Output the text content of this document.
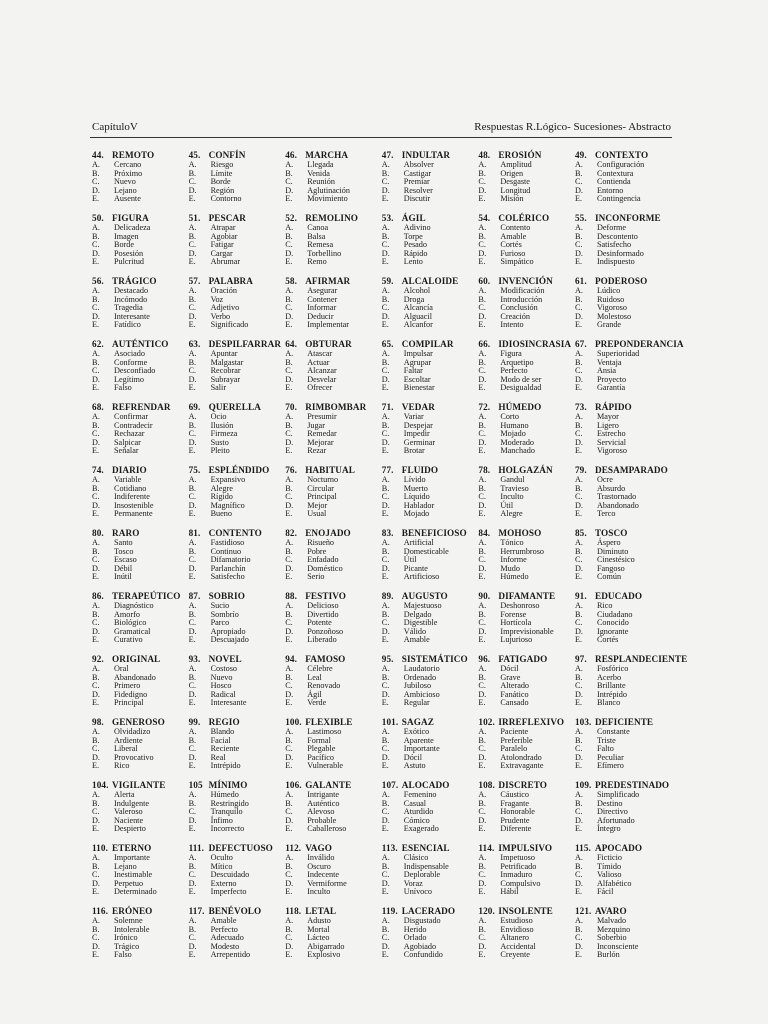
CapítuloV	Respuestas R.Lógico- Sucesiones- Abstracto
44. REMOTO
A. Cercano
B. Próximo
C. Nuevo
D. Lejano
E. Ausente
45. CONFÍN
A. Riesgo
B. Límite
C. Borde
D. Región
E. Contorno
46. MARCHA
A. Llegada
B. Venida
C. Reunión
D. Aglutinación
E. Movimiento
47. INDULTAR
A. Absolver
B. Castigar
C. Premiar
D. Resolver
E. Discutir
48. EROSIÓN
A. Amplitud
B. Origen
C. Desgaste
D. Longitud
E. Misión
49. CONTEXTO
A. Configuración
B. Contextura
C. Contienda
D. Entorno
E. Contingencia
50. FIGURA
A. Delicadeza
B. Imagen
C. Borde
D. Posesión
E. Pulcritud
51. PESCAR
A. Atrapar
B. Agobiar
C. Fatigar
D. Cargar
E. Abrumar
52. REMOLINO
A. Canoa
B. Balsa
C. Remesa
D. Torbellino
E. Remo
53. ÁGIL
A. Adivino
B. Torpe
C. Pesado
D. Rápido
E. Lento
54. COLÉRICO
A. Contento
B. Amable
C. Cortés
D. Furioso
E. Simpático
55. INCONFORME
A. Deforme
B. Descontento
C. Satisfecho
D. Desinformado
E. Indispuesto
56. TRÁGICO
A. Destacado
B. Incómodo
C. Tragedia
D. Interesante
E. Fatídico
57. PALABRA
A. Oración
B. Voz
C. Adjetivo
D. Verbo
E. Significado
58. AFIRMAR
A. Asegurar
B. Contener
C. Informar
D. Deducir
E. Implementar
59. ALCALOIDE
A. Alcohol
B. Droga
C. Alcancía
D. Alguacil
E. Alcanfor
60. INVENCIÓN
A. Modificación
B. Introducción
C. Conclusión
D. Creación
E. Intento
61. PODEROSO
A. Lúdico
B. Ruidoso
C. Vigoroso
D. Molestoso
E. Grande
62. AUTÉNTICO
A. Asociado
B. Conforme
C. Desconfiado
D. Legítimo
E. Falso
63. DESPILFARRAR
A. Apuntar
B. Malgastar
C. Recobrar
D. Subrayar
E. Salir
64. OBTURAR
A. Atascar
B. Actuar
C. Alcanzar
D. Desvelar
E. Ofrecer
65. COMPILAR
A. Impulsar
B. Agrupar
C. Faltar
D. Escoltar
E. Bienestar
66. IDIOSINCRASIA
A. Figura
B. Arquetipo
C. Perfecto
D. Modo de ser
E. Desigualdad
67. PREPONDERANCIA
A. Superioridad
B. Ventaja
C. Ansia
D. Proyecto
E. Garantía
68. REFRENDAR
A. Confirmar
B. Contradecir
C. Rechazar
D. Salpicar
E. Señalar
69. QUERELLA
A. Ocio
B. Ilusión
C. Firmeza
D. Susto
E. Pleito
70. RIMBOMBAR
A. Presumir
B. Jugar
C. Remedar
D. Mejorar
E. Rezar
71. VEDAR
A. Variar
B. Despejar
C. Impedir
D. Germinar
E. Brotar
72. HÚMEDO
A. Corto
B. Humano
C. Mojado
D. Moderado
E. Manchado
73. RÁPIDO
A. Mayor
B. Ligero
C. Estrecho
D. Servicial
E. Vigoroso
74. DIARIO
A. Variable
B. Cotidiano
C. Indiferente
D. Insostenible
E. Permanente
75. ESPLÉNDIDO
A. Expansivo
B. Alegre
C. Rígido
D. Magnífico
E. Bueno
76. HABITUAL
A. Nocturno
B. Circular
C. Principal
D. Mejor
E. Usual
77. FLUIDO
A. Lívido
B. Muerto
C. Líquido
D. Hablador
E. Mojado
78. HOLGAZÁN
A. Gandul
B. Travieso
C. Inculto
D. Útil
E. Alegre
79. DESAMPARADO
A. Ocre
B. Absurdo
C. Trastornado
D. Abandonado
E. Terco
80. RARO
A. Santo
B. Tosco
C. Escaso
D. Débil
E. Inútil
81. CONTENTO
A. Fastidioso
B. Continuo
C. Difamatorio
D. Parlanchín
E. Satisfecho
82. ENOJADO
A. Risueño
B. Pobre
C. Enfadado
D. Doméstico
E. Serio
83. BENEFICIOSO
A. Artificial
B. Domesticable
C. Útil
D. Picante
E. Artificioso
84. MOHOSO
A. Tónico
B. Herrumbroso
C. Informe
D. Mudo
E. Húmedo
85. TOSCO
A. Áspero
B. Diminuto
C. Cinestésico
D. Fangoso
E. Común
86. TERAPEÚTICO
A. Diagnóstico
B. Amorfo
C. Biológico
D. Gramatical
E. Curativo
87. SOBRIO
A. Sucio
B. Sombrío
C. Parco
D. Apropiado
E. Descuajado
88. FESTIVO
A. Delicioso
B. Divertido
C. Potente
D. Ponzoñoso
E. Liberado
89. AUGUSTO
A. Majestuoso
B. Delgado
C. Digestible
D. Válido
E. Amable
90. DIFAMANTE
A. Deshonroso
B. Forense
C. Hortícola
D. Imprevisionable
E. Lujurioso
91. EDUCADO
A. Rico
B. Ciudadano
C. Conocido
D. Ignorante
E. Cortés
92. ORIGINAL
A. Oral
B. Abandonado
C. Primero
D. Fidedigno
E. Principal
93. NOVEL
A. Costoso
B. Nuevo
C. Hosco
D. Radical
E. Interesante
94. FAMOSO
A. Célebre
B. Leal
C. Renovado
D. Ágil
E. Verde
95. SISTEMÁTICO
A. Laudatorio
B. Ordenado
C. Jubiloso
D. Ambicioso
E. Regular
96. FATIGADO
A. Dócil
B. Grave
C. Alterado
D. Fanático
E. Cansado
97. RESPLANDECIENTE
A. Fosfórico
B. Acerbo
C. Brillante
D. Intrépido
E. Blanco
98. GENEROSO
A. Olvidadizo
B. Ardiente
C. Liberal
D. Provocativo
E. Rico
99. REGIO
A. Blando
B. Facial
C. Reciente
D. Real
E. Intrépido
100. FLEXIBLE
A. Lastimoso
B. Formal
C. Plegable
D. Pacífico
E. Vulnerable
101. SAGAZ
A. Exótico
B. Aparente
C. Importante
D. Dócil
E. Astuto
102. IRREFLEXIVO
A. Paciente
B. Preferible
C. Paralelo
D. Atolondrado
E. Extravagante
103. DEFICIENTE
A. Constante
B. Triste
C. Falto
D. Peculiar
E. Efímero
104. VIGILANTE
A. Alerta
B. Indulgente
C. Valeroso
D. Naciente
E. Despierto
105 MÍNIMO
A. Húmedo
B. Restringido
C. Tranquilo
D. Ínfimo
E. Incorrecto
106. GALANTE
A. Intrigante
B. Auténtico
C. Alevoso
D. Probable
E. Caballeroso
107. ALOCADO
A. Femenino
B. Casual
C. Aturdido
D. Cómico
E. Exagerado
108. DISCRETO
A. Cáustico
B. Fragante
C. Honorable
D. Prudente
E. Diferente
109. PREDESTINADO
A. Simplificado
B. Destino
C. Directivo
D. Afortunado
E. Íntegro
110. ETERNO
A. Importante
B. Lejano
C. Inestimable
D. Perpetuo
E. Determinado
111. DEFECTUOSO
A. Oculto
B. Mítico
C. Descuidado
D. Externo
E. Imperfecto
112. VAGO
A. Inválido
B. Oscuro
C. Indecente
D. Vermiforme
E. Inculto
113. ESENCIAL
A. Clásico
B. Indispensable
C. Deplorable
D. Voraz
E. Unívoco
114. IMPULSIVO
A. Impetuoso
B. Petrificado
C. Inmaduro
D. Compulsivo
E. Hábil
115. APOCADO
A. Ficticio
B. Tímido
C. Valioso
D. Alfabético
E. Fácil
116. ERÓNEO
A. Solemne
B. Intolerable
C. Irónico
D. Trágico
E. Falso
117. BENÉVOLO
A. Amable
B. Perfecto
C. Adecuado
D. Modesto
E. Arrepentido
118. LETAL
A. Adusto
B. Mortal
C. Lácteo
D. Abigarrado
E. Explosivo
119. LACERADO
A. Disgustado
B. Herido
C. Orlado
D. Agobiado
E. Confundido
120. INSOLENTE
A. Estudioso
B. Envidioso
C. Altanero
D. Accidental
E. Creyente
121. AVARO
A. Malvado
B. Mezquino
C. Soberbio
D. Inconsciente
E. Burlón
